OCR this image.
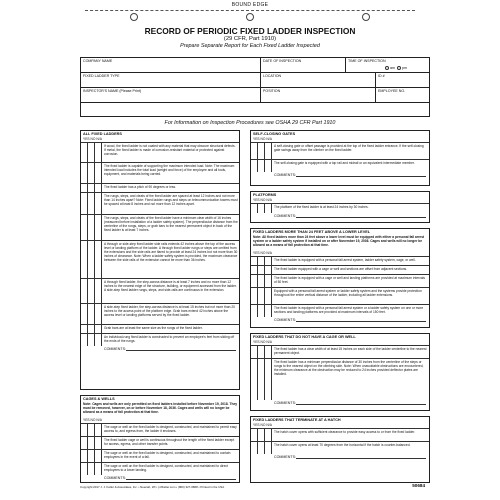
BOUND EDGE
RECORD OF PERIODIC FIXED LADDER INSPECTION
(29 CFR, Part 1910)
Prepare Separate Report for Each Fixed Ladder Inspected
COMPANY NAME	DATE OF INSPECTION	TIME OF INSPECTION
am pm
FIXED LADDER TYPE	LOCATION	ID #
INSPECTOR'S NAME (Please Print)	POSITION	EMPLOYEE NO.
For Information on Inspection Procedures see OSHA 29 CFR Part 1910
ALL FIXED LADDERS
YES NO N/A
If wood, the fixed ladder is not coated with any material that may obscure structural defects. If metal, the fixed ladder is made of corrosion-resistant material or protected against corrosion.
The fixed ladder is capable of supporting the maximum intended load. Note: The maximum intended load includes the total load (weight and force) of the employee and all tools, equipment, and materials being carried.
The fixed ladder has a pitch of 90 degrees or less.
The rungs, steps, and cleats of the fixed ladder are spaced at least 12 inches and not more than 14 inches apart? Note: Fixed ladder rungs and steps on telecommunication towers must be spaced at least 8 inches and not more than 12 inches apart.
The rungs, steps, and cleats of the fixed ladder have a minimum clear width of 16 inches (measured before installation of a ladder safety system). The perpendicular distance from the centerline of the rungs, steps, or grab bars to the nearest permanent object in back of the fixed ladder is at least 7 inches.
A through or side-step fixed ladder side rails extends 42 inches above the top of the access level or landing platform of the ladder. A through fixed ladder rungs or steps are omitted from the extensions and the side rails are flared to provide at least 24 inches but not more than 30 inches of clearance. Note: When a ladder safety system is provided, the maximum clearance between the side rails of the extension cannot be more than 36 inches.
A through fixed ladder, the step-across distance is at least 7 inches and no more than 12 inches to the nearest edge of the structure, building, or equipment accessed from the ladder. A side-step fixed ladder rungs, steps, and side-rails are continuous in the extension.
A side-step fixed ladder, the step-across distance is at least 15 inches but not more than 20 inches to the access point of the platform edge. Grab bars extend 42 inches above the access level or landing platforms served by the fixed ladder.
Grab bars are at least the same size as the rungs of the fixed ladder.
An individual-rung fixed ladder is constructed to prevent an employee's feet from sliding off the ends of the rungs.
COMMENTS:
CAGES & WELLS
Note: Cages and wells are only permitted on fixed ladders installed before November 19, 2018. They must be removed, however, on or before November 18, 2036. Cages and wells will no longer be allowed as a means of fall protection at that time.
YES NO N/A
The cage or well on the fixed ladder is designed, constructed, and maintained to permit easy access to, and egress from, the ladder it encloses.
The fixed ladder cage or well is continuous throughout the length of the fixed ladder except for access, egress, and other transfer points.
The cage or well on the fixed ladder is designed, constructed, and maintained to contain employees in the event of a fall.
The cage or well on the fixed ladder is designed, constructed, and maintained to direct employees to a lower landing.
COMMENTS:
SELF-CLOSING GATES
YES NO N/A
A self-closing gate or offset passage is provided at the top of the fixed ladder entrance. If the self-closing gate swings away from the climber on the fixed ladder.
The self-closing gate is equipped with a top rail and midrail or an equivalent intermediate member.
COMMENTS:
PLATFORMS
YES NO N/A
The platform of the fixed ladder is at least 24 inches by 30 inches.
COMMENTS:
FIXED LADDERS MORE THAN 24 FEET ABOVE A LOWER LEVEL
Note: All fixed ladders more than 24 feet above a lower level must be equipped with either a personal fall arrest system or a ladder safety system if installed on or after November 19, 2036. Cages and wells will no longer be allowed as a means of fall protection at that time.
YES NO N/A
The fixed ladder is equipped with a personal fall arrest system, ladder safety system, cage, or well.
The fixed ladder equipped with a cage or well and sections are offset from adjacent sections.
The fixed ladder is equipped with a cage or well and landing platforms are provided at maximum intervals of 50 feet.
Equipped with a personal fall arrest system or ladder safety system and the systems provide protection throughout the entire vertical distance of the ladder, including all ladder extensions.
The fixed ladder is equipped with a personal fall arrest system or a ladder safety system on one or more sections and landing platforms are provided at maximum intervals of 150 feet.
COMMENTS:
FIXED LADDERS THAT DO NOT HAVE A CAGE OR WELL
YES NO N/A
The fixed ladder has a clear width of at least 15 inches on each side of the ladder centerline to the nearest permanent object.
The fixed ladder has a minimum perpendicular distance of 30 inches from the centerline of the steps or rungs to the nearest object on the climbing side. Note: When unavoidable obstructions are encountered, the minimum clearance at the obstruction may be reduced to 24 inches provided deflector plates are installed.
COMMENTS:
FIXED LADDERS THAT TERMINATE AT A HATCH
YES NO N/A
The hatch cover opens with sufficient clearance to provide easy access to or from the fixed ladder.
The hatch cover opens at least 70 degrees from the horizontal if the hatch is counter-balanced.
COMMENTS:
Copyright 2017 J. J. Keller & Associates, Inc. • Neenah, WI • (JJKeller.com • (800) 327-6868 • Printed in the USA	50684
